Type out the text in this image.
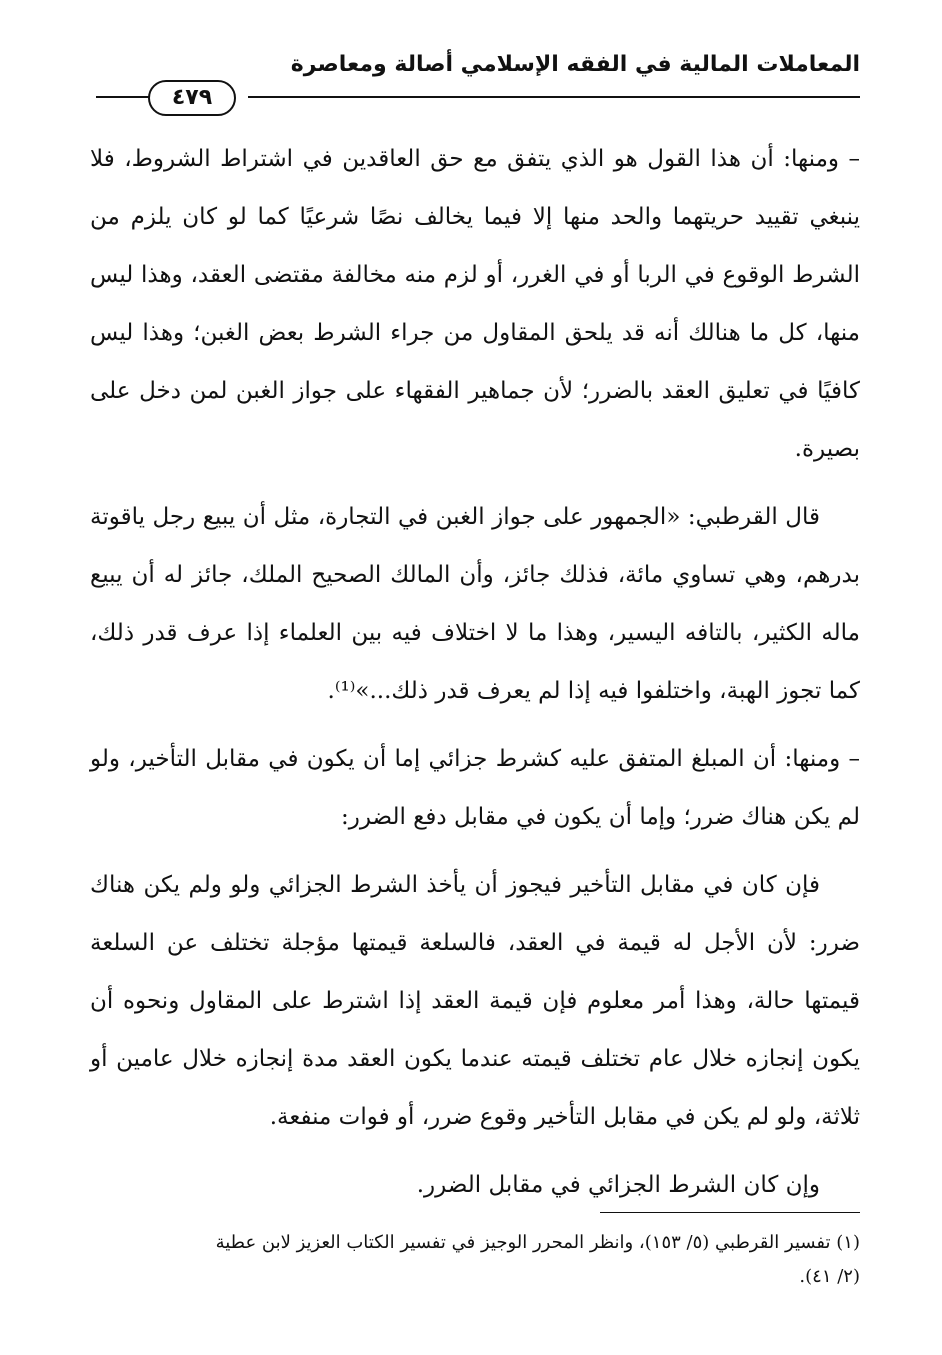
المعاملات المالية في الفقه الإسلامي أصالة ومعاصرة
٤٧٩

– ومنها: أن هذا القول هو الذي يتفق مع حق العاقدين في اشتراط الشروط، فلا ينبغي تقييد حريتهما والحد منها إلا فيما يخالف نصًا شرعيًا كما لو كان يلزم من الشرط الوقوع في الربا أو في الغرر، أو لزم منه مخالفة مقتضى العقد، وهذا ليس منها، كل ما هنالك أنه قد يلحق المقاول من جراء الشرط بعض الغبن؛ وهذا ليس كافيًا في تعليق العقد بالضرر؛ لأن جماهير الفقهاء على جواز الغبن لمن دخل على بصيرة.

قال القرطبي: «الجمهور على جواز الغبن في التجارة، مثل أن يبيع رجل ياقوتة بدرهم، وهي تساوي مائة، فذلك جائز، وأن المالك الصحيح الملك، جائز له أن يبيع ماله الكثير، بالتافه اليسير، وهذا ما لا اختلاف فيه بين العلماء إذا عرف قدر ذلك، كما تجوز الهبة، واختلفوا فيه إذا لم يعرف قدر ذلك...»⁽¹⁾.

– ومنها: أن المبلغ المتفق عليه كشرط جزائي إما أن يكون في مقابل التأخير، ولو لم يكن هناك ضرر؛ وإما أن يكون في مقابل دفع الضرر:

فإن كان في مقابل التأخير فيجوز أن يأخذ الشرط الجزائي ولو ولم يكن هناك ضرر: لأن الأجل له قيمة في العقد، فالسلعة قيمتها مؤجلة تختلف عن السلعة قيمتها حالة، وهذا أمر معلوم فإن قيمة العقد إذا اشترط على المقاول ونحوه أن يكون إنجازه خلال عام تختلف قيمته عندما يكون العقد مدة إنجازه خلال عامين أو ثلاثة، ولو لم يكن في مقابل التأخير وقوع ضرر، أو فوات منفعة.

وإن كان الشرط الجزائي في مقابل الضرر.

(١) تفسير القرطبي (٥/ ١٥٣)، وانظر المحرر الوجيز في تفسير الكتاب العزيز لابن عطية

(٢/ ٤١).
